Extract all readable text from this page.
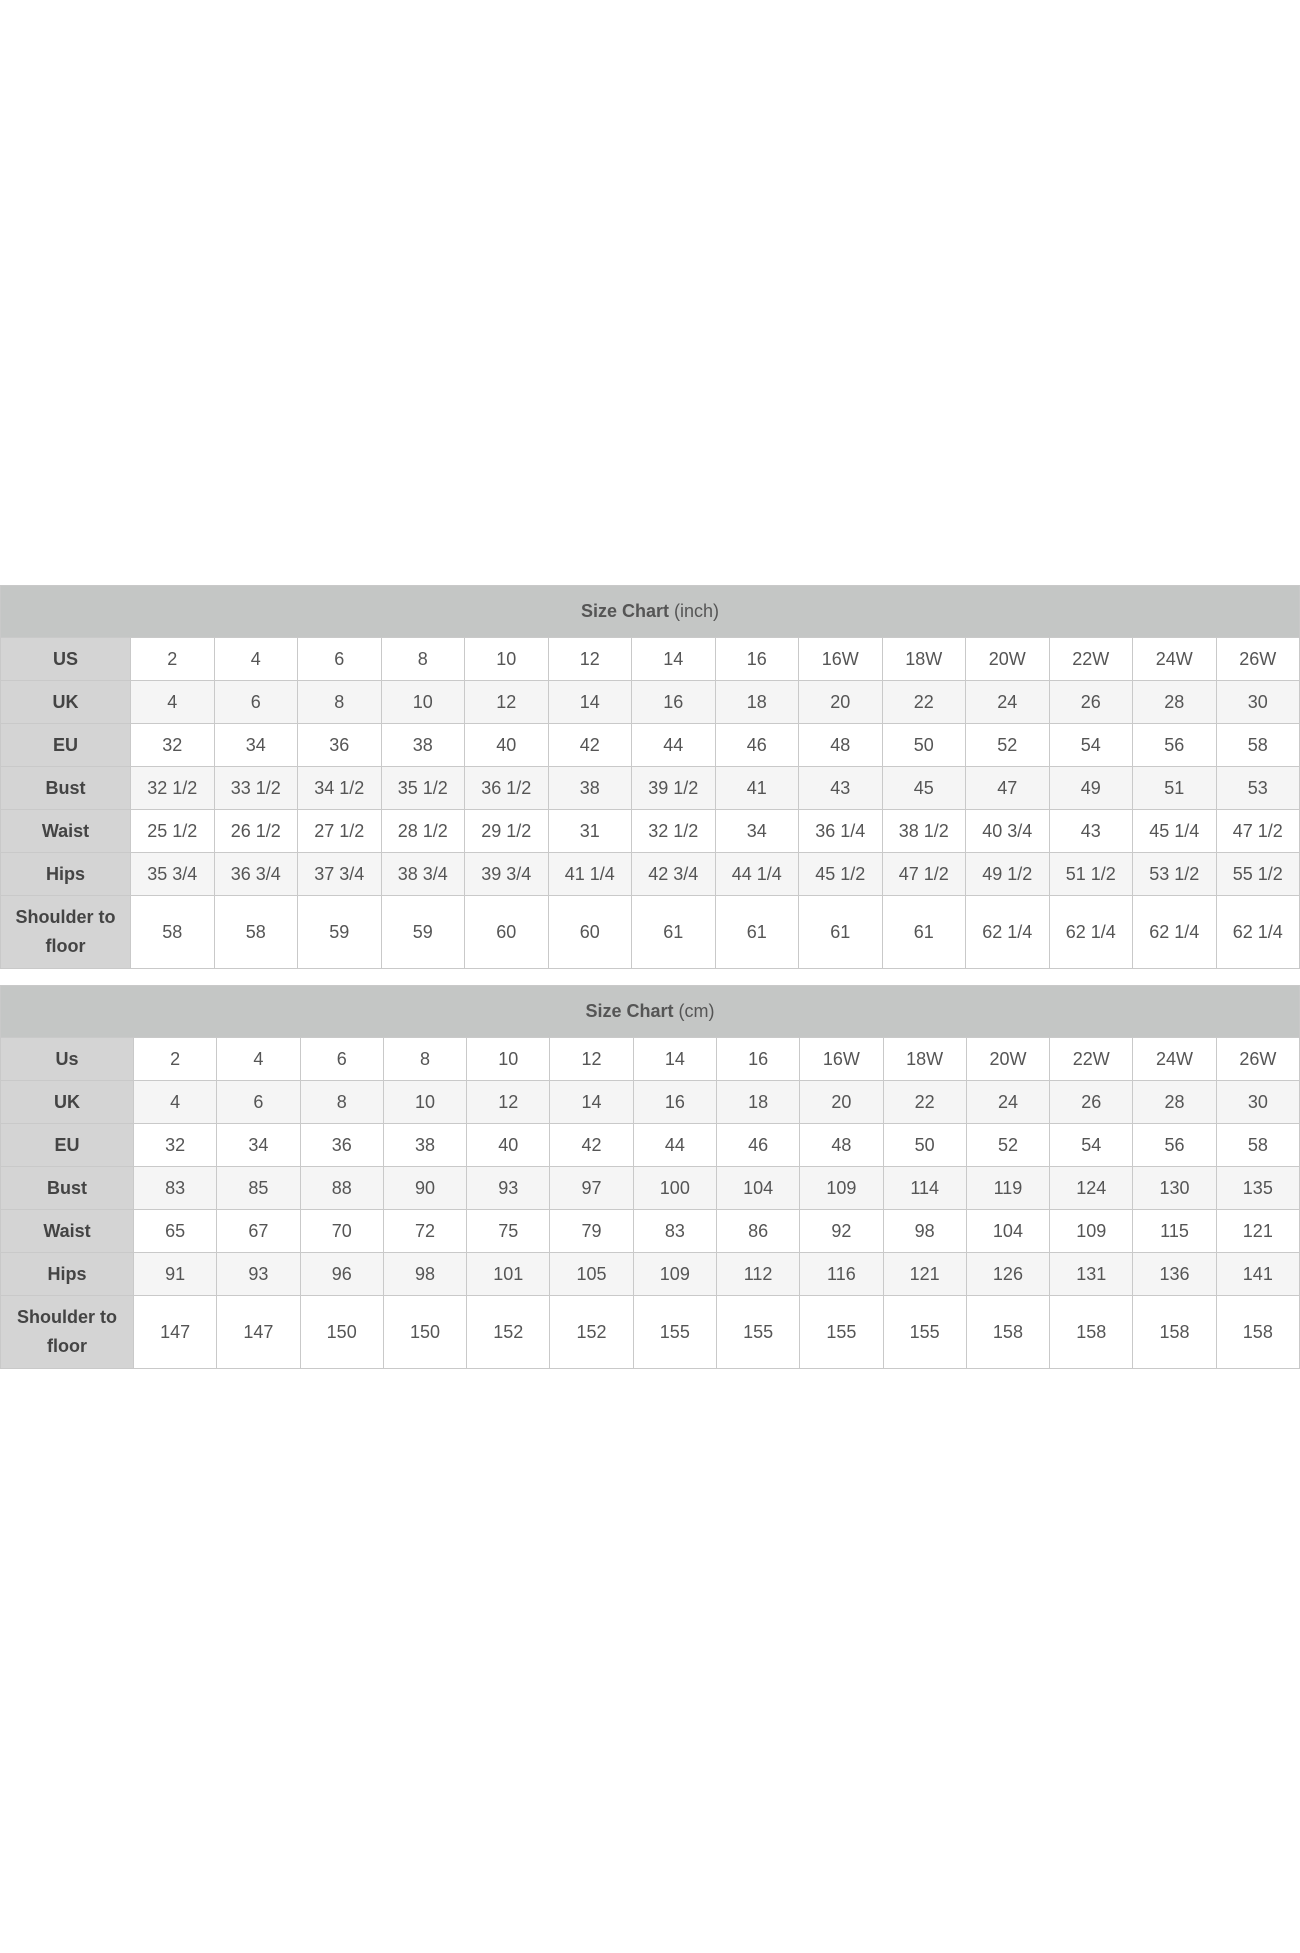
Size Chart (inch)														
US	2	4	6	8	10	12	14	16	16W	18W	20W	22W	24W	26W
UK	4	6	8	10	12	14	16	18	20	22	24	26	28	30
EU	32	34	36	38	40	42	44	46	48	50	52	54	56	58
Bust	32 1/2	33 1/2	34 1/2	35 1/2	36 1/2	38	39 1/2	41	43	45	47	49	51	53
Waist	25 1/2	26 1/2	27 1/2	28 1/2	29 1/2	31	32 1/2	34	36 1/4	38 1/2	40 3/4	43	45 1/4	47 1/2
Hips	35 3/4	36 3/4	37 3/4	38 3/4	39 3/4	41 1/4	42 3/4	44 1/4	45 1/2	47 1/2	49 1/2	51 1/2	53 1/2	55 1/2
Shoulder to floor	58	58	59	59	60	60	61	61	61	61	62 1/4	62 1/4	62 1/4	62 1/4
Size Chart (cm)														
Us	2	4	6	8	10	12	14	16	16W	18W	20W	22W	24W	26W
UK	4	6	8	10	12	14	16	18	20	22	24	26	28	30
EU	32	34	36	38	40	42	44	46	48	50	52	54	56	58
Bust	83	85	88	90	93	97	100	104	109	114	119	124	130	135
Waist	65	67	70	72	75	79	83	86	92	98	104	109	115	121
Hips	91	93	96	98	101	105	109	112	116	121	126	131	136	141
Shoulder to floor	147	147	150	150	152	152	155	155	155	155	158	158	158	158
